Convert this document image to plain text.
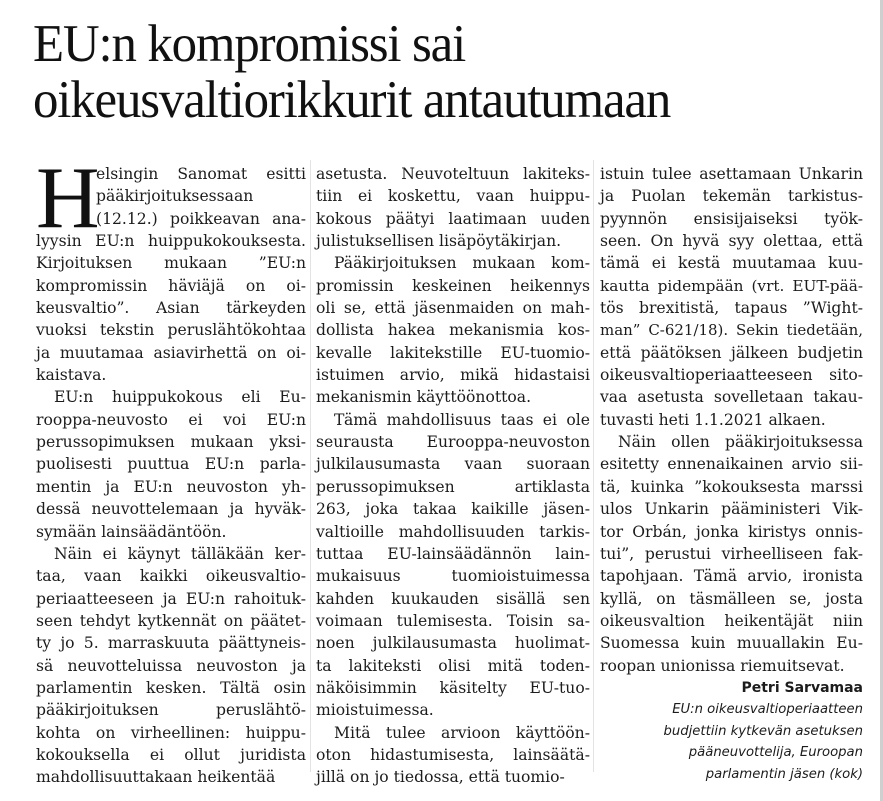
EU:n kompromissi sai
oikeusvaltiorikkurit antautumaan
H
elsingin Sanomat esitti
pääkirjoituksessaan
(12.12.) poikkeavan ana-
lyysin EU:n huippukokouksesta.
Kirjoituksen mukaan ”EU:n
kompromissin häviäjä on oi-
keusvaltio”. Asian tärkeyden
vuoksi tekstin peruslähtökohtaa
ja muutamaa asiavirhettä on oi-
kaistava.
EU:n huippukokous eli Eu-
rooppa-neuvosto ei voi EU:n
perussopimuksen mukaan yksi-
puolisesti puuttua EU:n parla-
mentin ja EU:n neuvoston yh-
dessä neuvottelemaan ja hyväk-
symään lainsäädäntöön.
Näin ei käynyt tälläkään ker-
taa, vaan kaikki oikeusvaltio-
periaatteeseen ja EU:n rahoituk-
seen tehdyt kytkennät on päätet-
ty jo 5. marraskuuta päättyneis-
sä neuvotteluissa neuvoston ja
parlamentin kesken. Tältä osin
pääkirjoituksen peruslähtö-
kohta on virheellinen: huippu-
kokouksella ei ollut juridista
mahdollisuuttakaan heikentää
asetusta. Neuvoteltuun lakiteks-
tiin ei koskettu, vaan huippu-
kokous päätyi laatimaan uuden
julistuksellisen lisäpöytäkirjan.
Pääkirjoituksen mukaan kom-
promissin keskeinen heikennys
oli se, että jäsenmaiden on mah-
dollista hakea mekanismia kos-
kevalle lakitekstille EU-tuomio-
istuimen arvio, mikä hidastaisi
mekanismin käyttöönottoa.
Tämä mahdollisuus taas ei ole
seurausta Eurooppa-neuvoston
julkilausumasta vaan suoraan
perussopimuksen artiklasta
263, joka takaa kaikille jäsen-
valtioille mahdollisuuden tarkis-
tuttaa EU-lainsäädännön lain-
mukaisuus tuomioistuimessa
kahden kuukauden sisällä sen
voimaan tulemisesta. Toisin sa-
noen julkilausumasta huolimat-
ta lakiteksti olisi mitä toden-
näköisimmin käsitelty EU-tuo-
mioistuimessa.
Mitä tulee arvioon käyttöön-
oton hidastumisesta, lainsäätä-
jillä on jo tiedossa, että tuomio-
istuin tulee asettamaan Unkarin
ja Puolan tekemän tarkistus-
pyynnön ensisijaiseksi työk-
seen. On hyvä syy olettaa, että
tämä ei kestä muutamaa kuu-
kautta pidempään (vrt. EUT-pää-
tös brexitistä, tapaus ”Wight-
man” C-621/18). Sekin tiedetään,
että päätöksen jälkeen budjetin
oikeusvaltioperiaatteeseen sito-
vaa asetusta sovelletaan takau-
tuvasti heti 1.1.2021 alkaen.
Näin ollen pääkirjoituksessa
esitetty ennenaikainen arvio sii-
tä, kuinka ”kokouksesta marssi
ulos Unkarin pääministeri Vik-
tor Orbán, jonka kiristys onnis-
tui”, perustui virheelliseen fak-
tapohjaan. Tämä arvio, ironista
kyllä, on täsmälleen se, josta
oikeusvaltion heikentäjät niin
Suomessa kuin muuallakin Eu-
roopan unionissa riemuitsevat.
Petri Sarvamaa
EU:n oikeusvaltioperiaatteen
budjettiin kytkevän asetuksen
pääneuvottelija, Euroopan
parlamentin jäsen (kok)
